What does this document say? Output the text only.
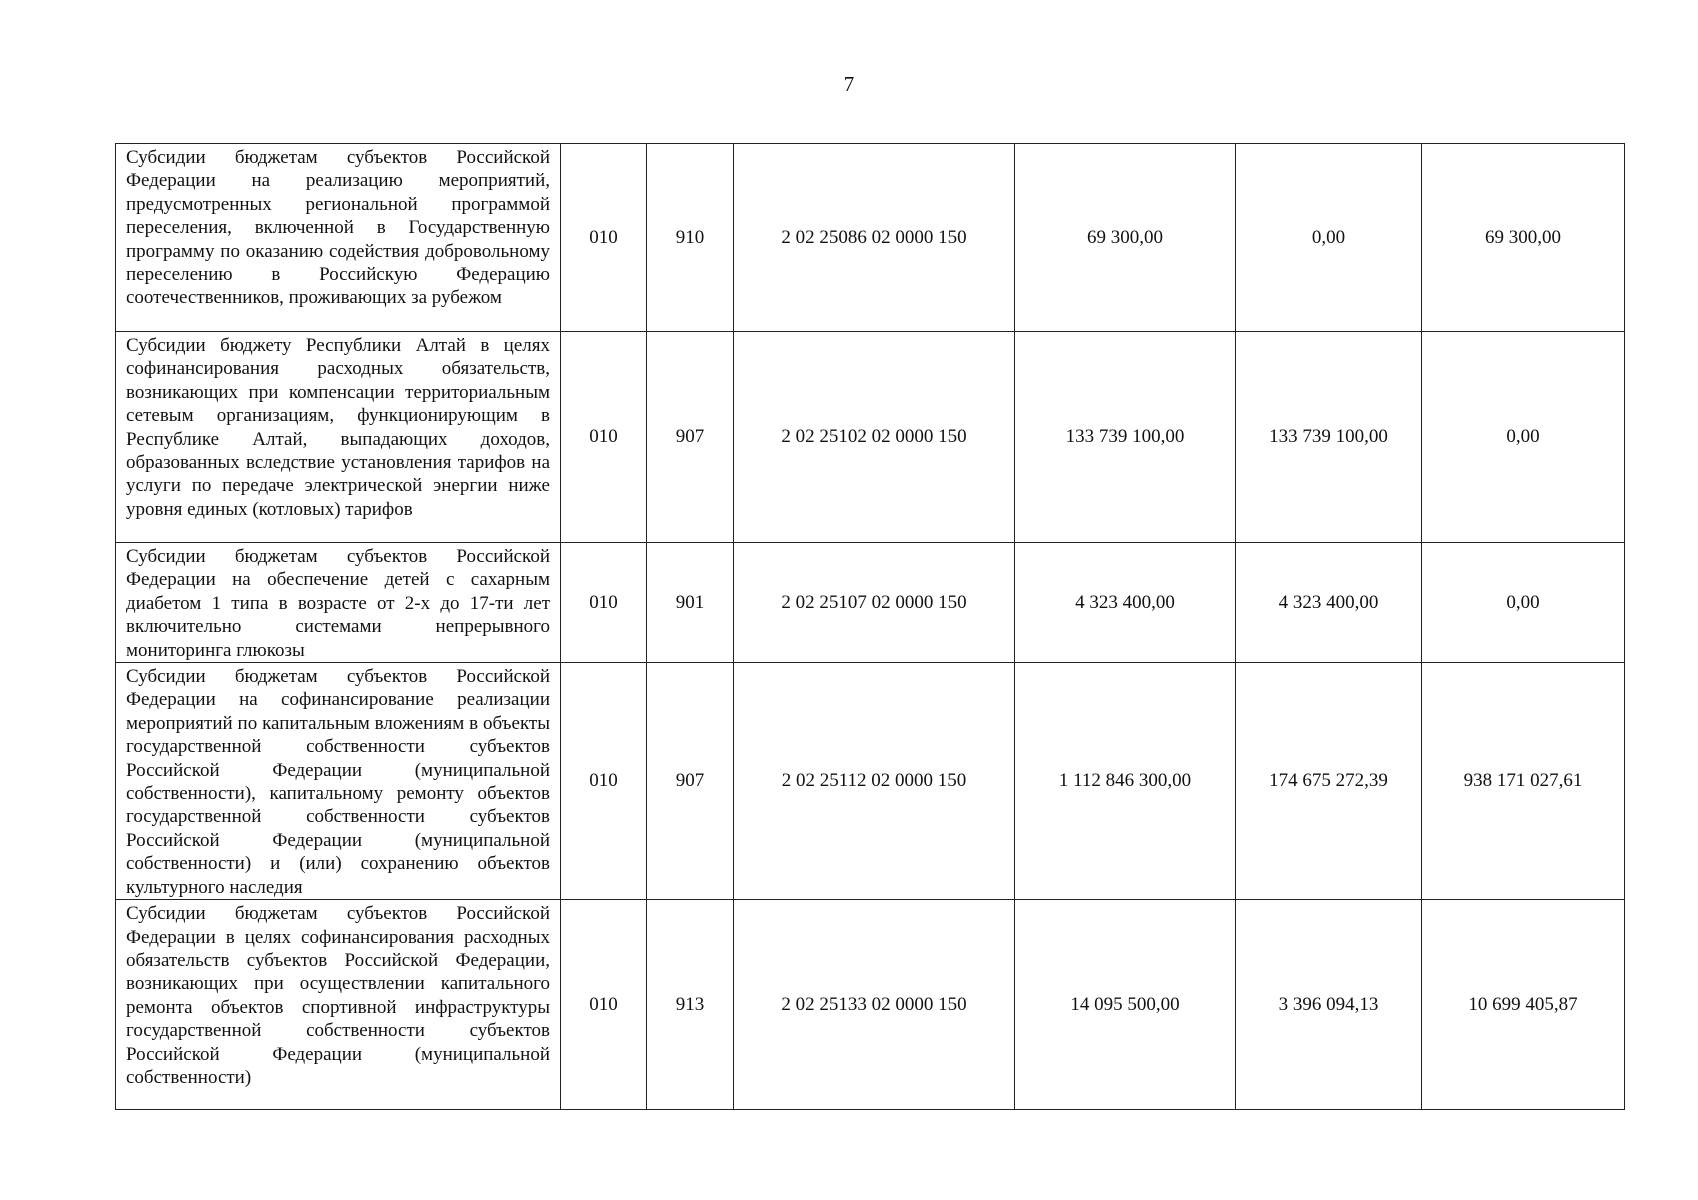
7
Субсидии бюджетам субъектов Российской Федерации на реализацию мероприятий, предусмотренных региональной программой переселения, включенной в Государственную программу по оказанию содействия добровольному переселению в Российскую Федерацию соотечественников, проживающих за рубежом	010	910	2 02 25086 02 0000 150	69 300,00	0,00	69 300,00
Субсидии бюджету Республики Алтай в целях софинансирования расходных обязательств, возникающих при компенсации территориальным сетевым организациям, функционирующим в Республике Алтай, выпадающих доходов, образованных вследствие установления тарифов на услуги по передаче электрической энергии ниже уровня единых (котловых) тарифов	010	907	2 02 25102 02 0000 150	133 739 100,00	133 739 100,00	0,00
Субсидии бюджетам субъектов Российской Федерации на обеспечение детей с сахарным диабетом 1 типа в возрасте от 2-х до 17-ти лет включительно системами непрерывного мониторинга глюкозы	010	901	2 02 25107 02 0000 150	4 323 400,00	4 323 400,00	0,00
Субсидии бюджетам субъектов Российской Федерации на софинансирование реализации мероприятий по капитальным вложениям в объекты государственной собственности субъектов Российской Федерации (муниципальной собственности), капитальному ремонту объектов государственной собственности субъектов Российской Федерации (муниципальной собственности) и (или) сохранению объектов культурного наследия	010	907	2 02 25112 02 0000 150	1 112 846 300,00	174 675 272,39	938 171 027,61
Субсидии бюджетам субъектов Российской Федерации в целях софинансирования расходных обязательств субъектов Российской Федерации, возникающих при осуществлении капитального ремонта объектов спортивной инфраструктуры государственной собственности субъектов Российской Федерации (муниципальной собственности)	010	913	2 02 25133 02 0000 150	14 095 500,00	3 396 094,13	10 699 405,87
